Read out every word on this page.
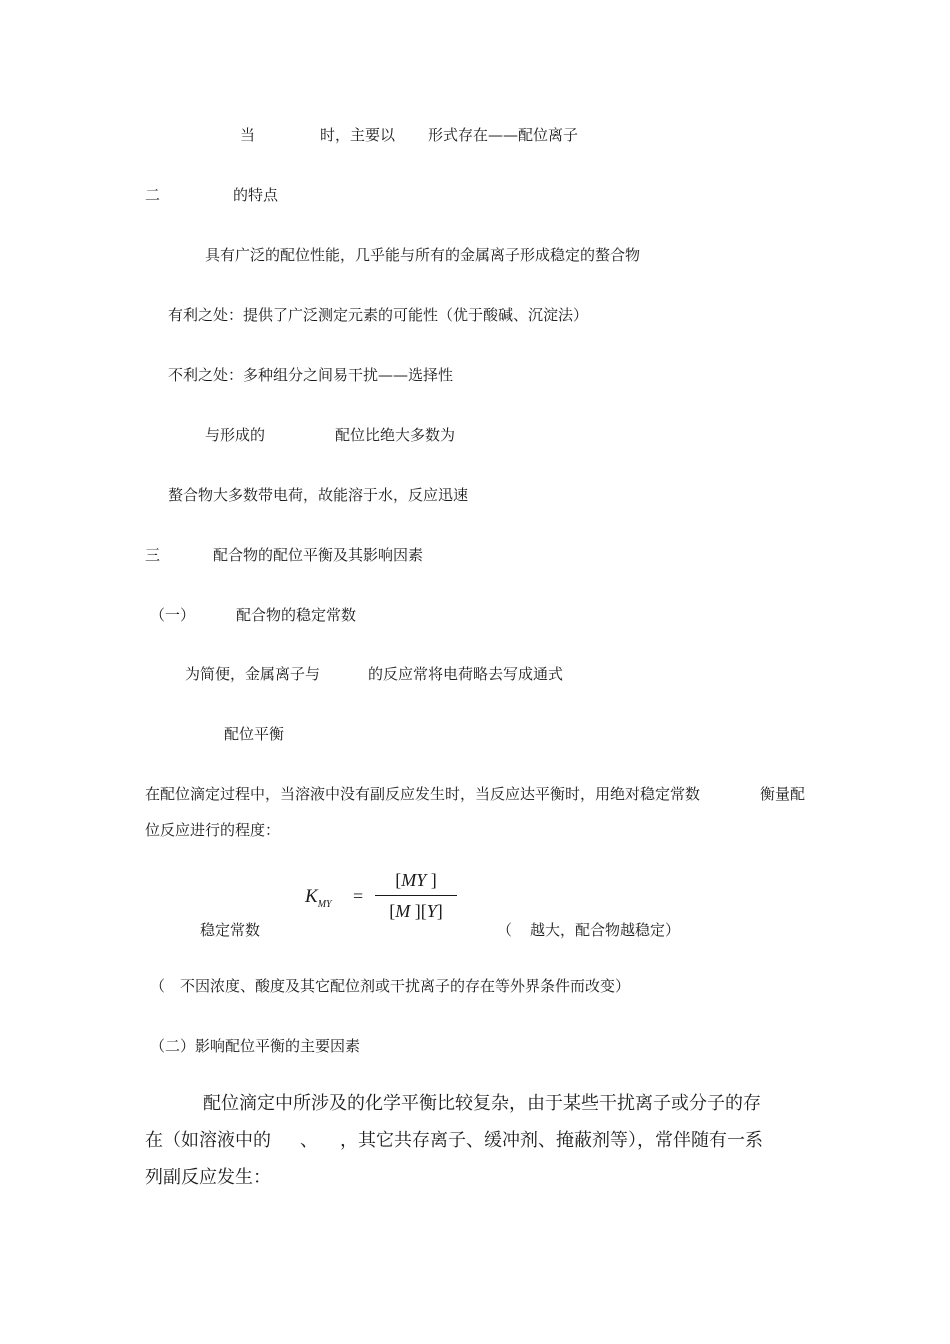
当	时，主要以 形式存在——配位离子
二	的特点
具有广泛的配位性能，几乎能与所有的金属离子形成稳定的螯合物
有利之处：提供了广泛测定元素的可能性（优于酸碱、沉淀法）
不利之处：多种组分之间易干扰——选择性
与形成的	配位比绝大多数为
螯合物大多数带电荷，故能溶于水，反应迅速
三	配合物的配位平衡及其影响因素
（一）	配合物的稳定常数
为简便，金属离子与	的反应常将电荷略去写成通式
配位平衡
在配位滴定过程中，当溶液中没有副反应发生时，当反应达平衡时，用绝对稳定常数	衡量配
位反应进行的程度：
$K_{MY}$ =
[MY ]
[M ][Y]
稳定常数	（ 越大，配合物越稳定）
（ 不因浓度、酸度及其它配位剂或干扰离子的存在等外界条件而改变）
（二）影响配位平衡的主要因素
配位滴定中所涉及的化学平衡比较复杂，由于某些干扰离子或分子的存
在（如溶液中的 、 ，其它共存离子、缓冲剂、掩蔽剂等），常伴随有一系
列副反应发生：
